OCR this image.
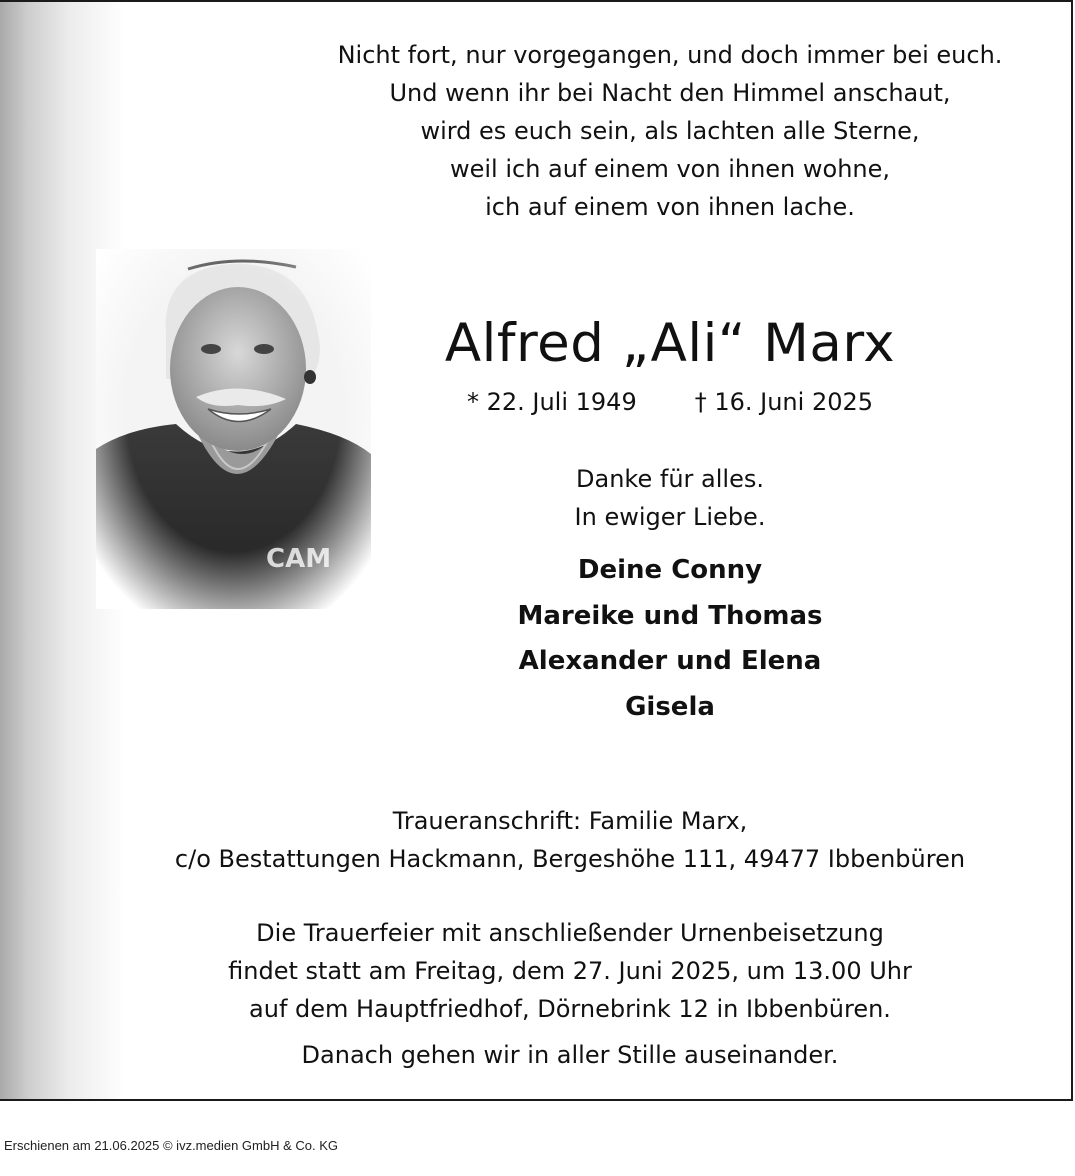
Nicht fort, nur vorgegangen, und doch immer bei euch.
Und wenn ihr bei Nacht den Himmel anschaut,
wird es euch sein, als lachten alle Sterne,
weil ich auf einem von ihnen wohne,
ich auf einem von ihnen lache.
Alfred „Ali“ Marx
* 22. Juli 1949 † 16. Juni 2025
Danke für alles.
In ewiger Liebe.
Deine Conny
Mareike und Thomas
Alexander und Elena
Gisela
Traueranschrift: Familie Marx,
c/o Bestattungen Hackmann, Bergeshöhe 111, 49477 Ibbenbüren
Die Trauerfeier mit anschließender Urnenbeisetzung
findet statt am Freitag, dem 27. Juni 2025, um 13.00 Uhr
auf dem Hauptfriedhof, Dörnebrink 12 in Ibbenbüren.
Danach gehen wir in aller Stille auseinander.
Erschienen am 21.06.2025 © ivz.medien GmbH & Co. KG
